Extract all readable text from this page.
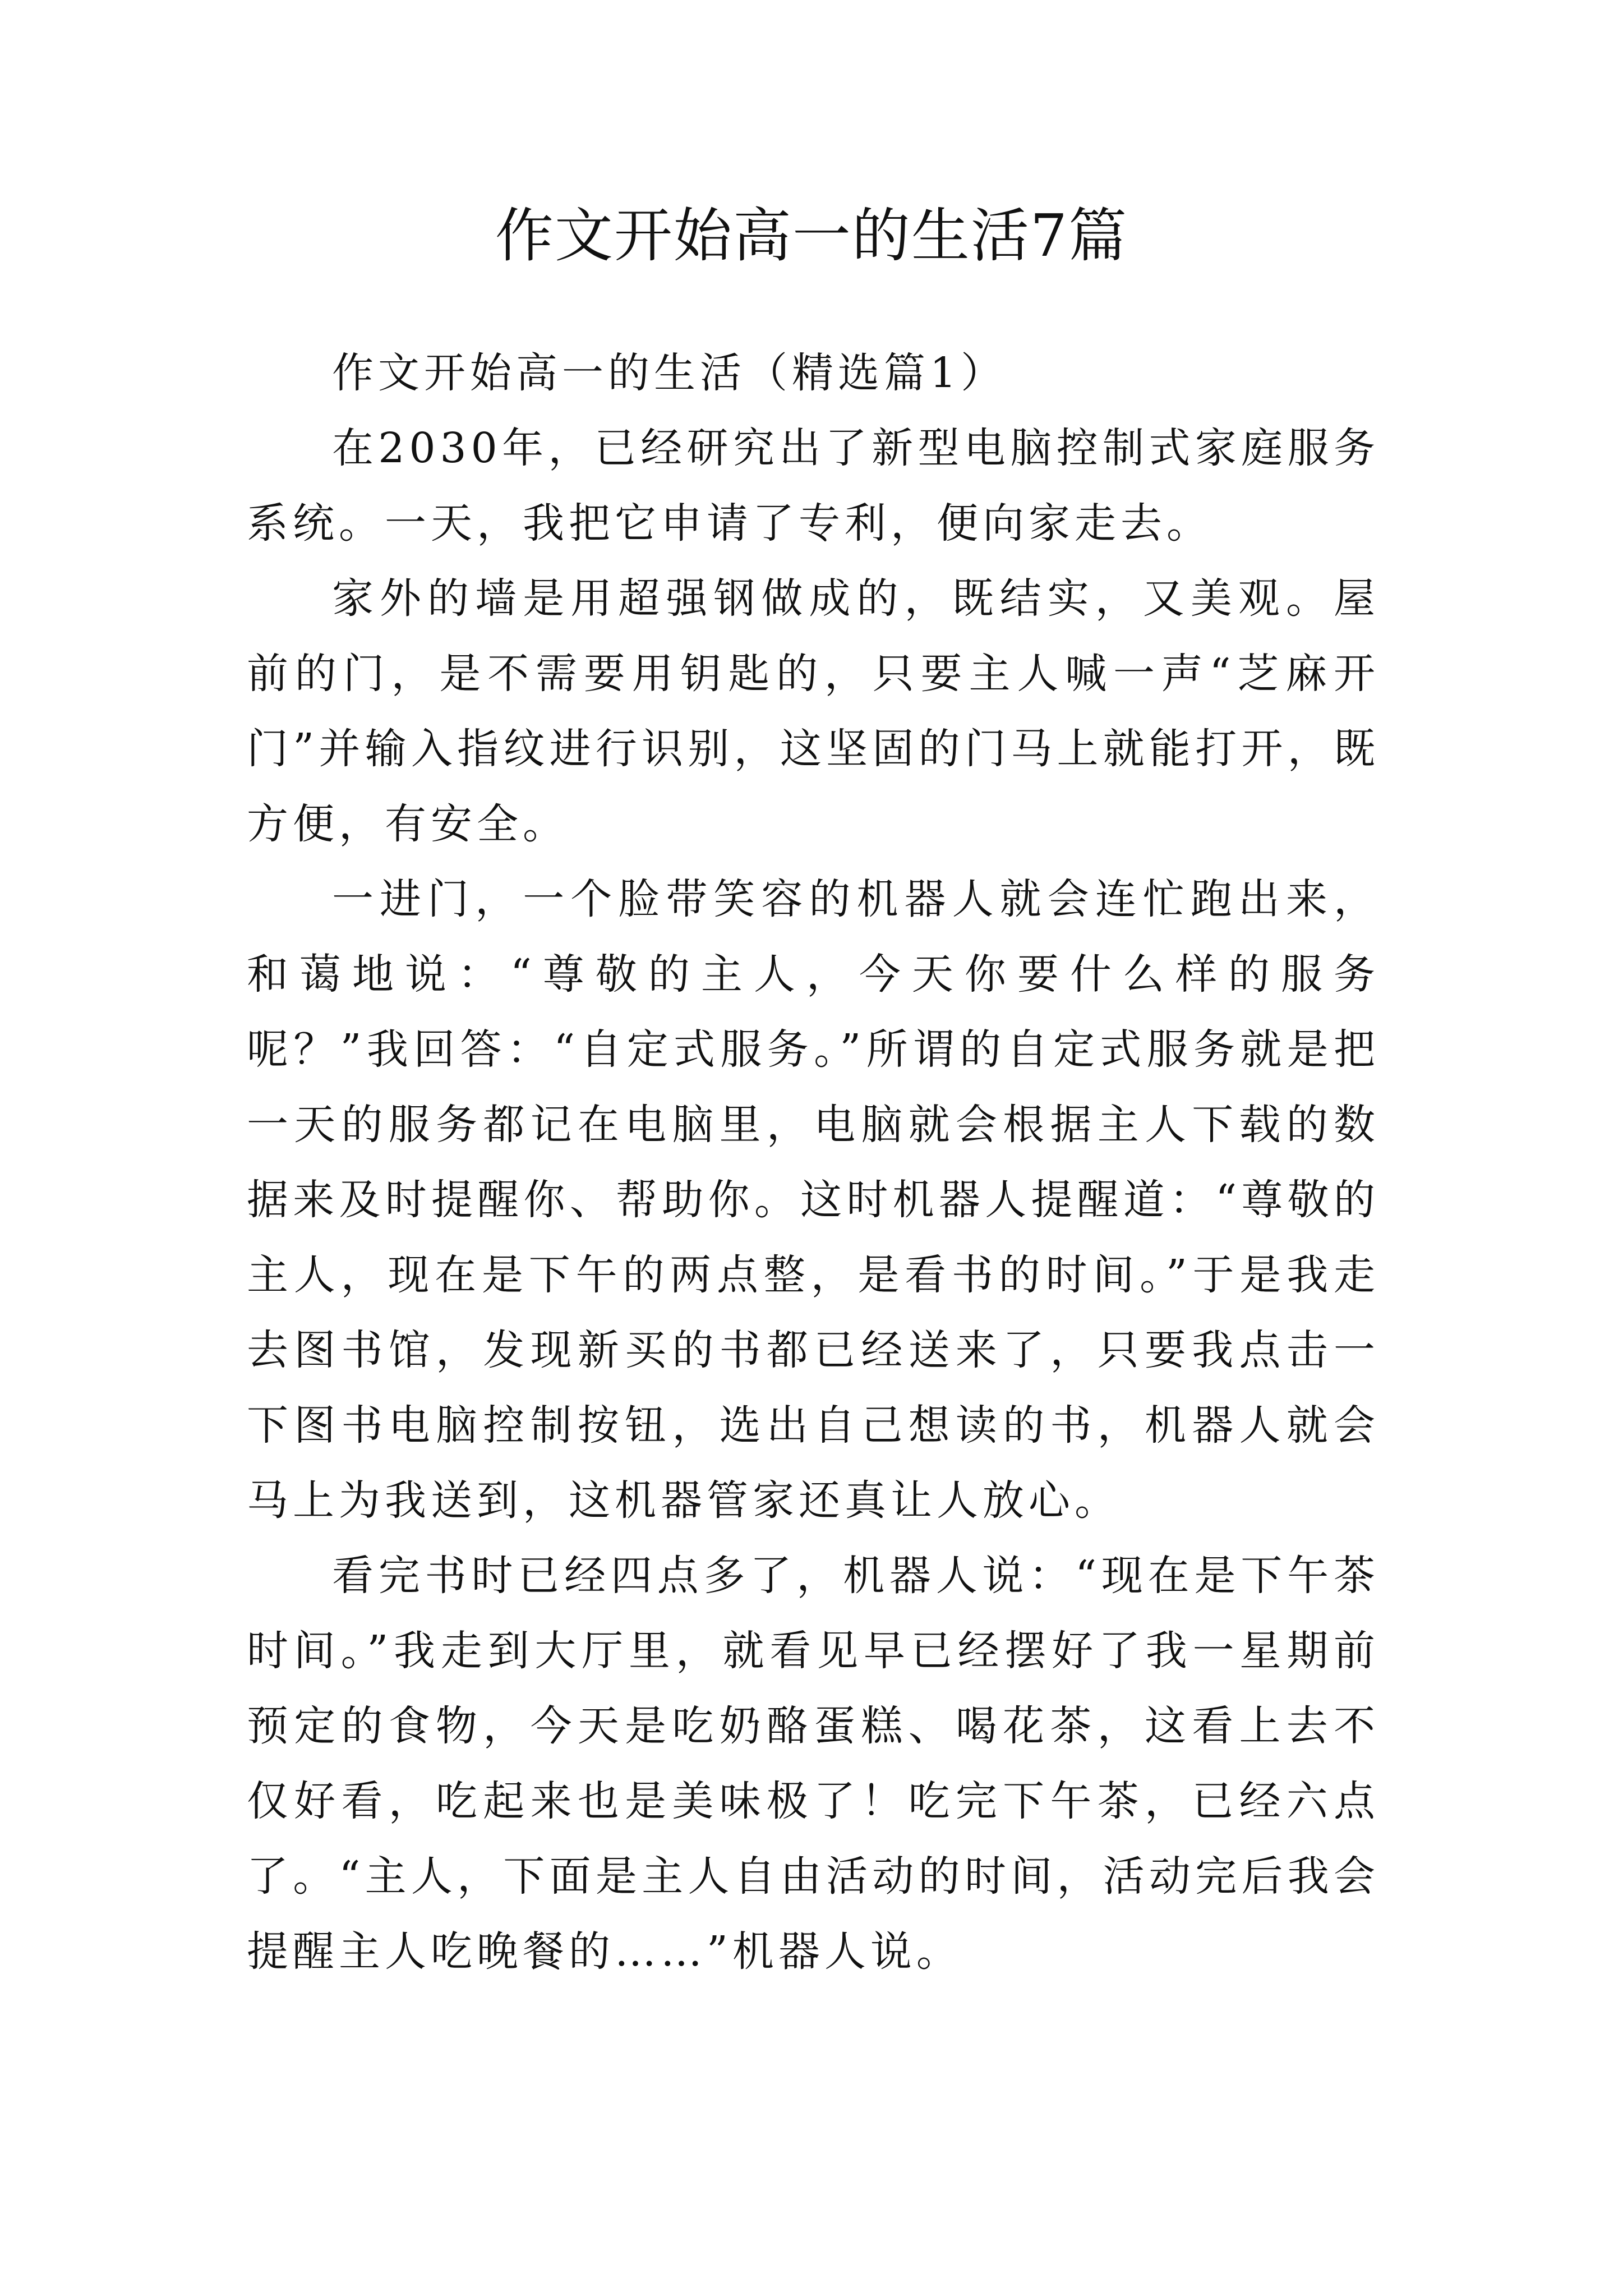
作文开始高一的生活7篇

作文开始高一的生活（精选篇1）

在2030年，已经研究出了新型电脑控制式家庭服务系统。一天，我把它申请了专利，便向家走去。

家外的墙是用超强钢做成的，既结实，又美观。屋前的门，是不需要用钥匙的，只要主人喊一声“芝麻开门”并输入指纹进行识别，这坚固的门马上就能打开，既方便，有安全。

一进门，一个脸带笑容的机器人就会连忙跑出来，和蔼地说：“尊敬的主人，今天你要什么样的服务呢？”我回答：“自定式服务。”所谓的自定式服务就是把一天的服务都记在电脑里，电脑就会根据主人下载的数据来及时提醒你、帮助你。这时机器人提醒道：“尊敬的主人，现在是下午的两点整，是看书的时间。”于是我走去图书馆，发现新买的书都已经送来了，只要我点击一下图书电脑控制按钮，选出自己想读的书，机器人就会马上为我送到，这机器管家还真让人放心。

看完书时已经四点多了，机器人说：“现在是下午茶时间。”我走到大厅里，就看见早已经摆好了我一星期前预定的食物，今天是吃奶酪蛋糕、喝花茶，这看上去不仅好看，吃起来也是美味极了！吃完下午茶，已经六点了。“主人，下面是主人自由活动的时间，活动完后我会提醒主人吃晚餐的……”机器人说。
